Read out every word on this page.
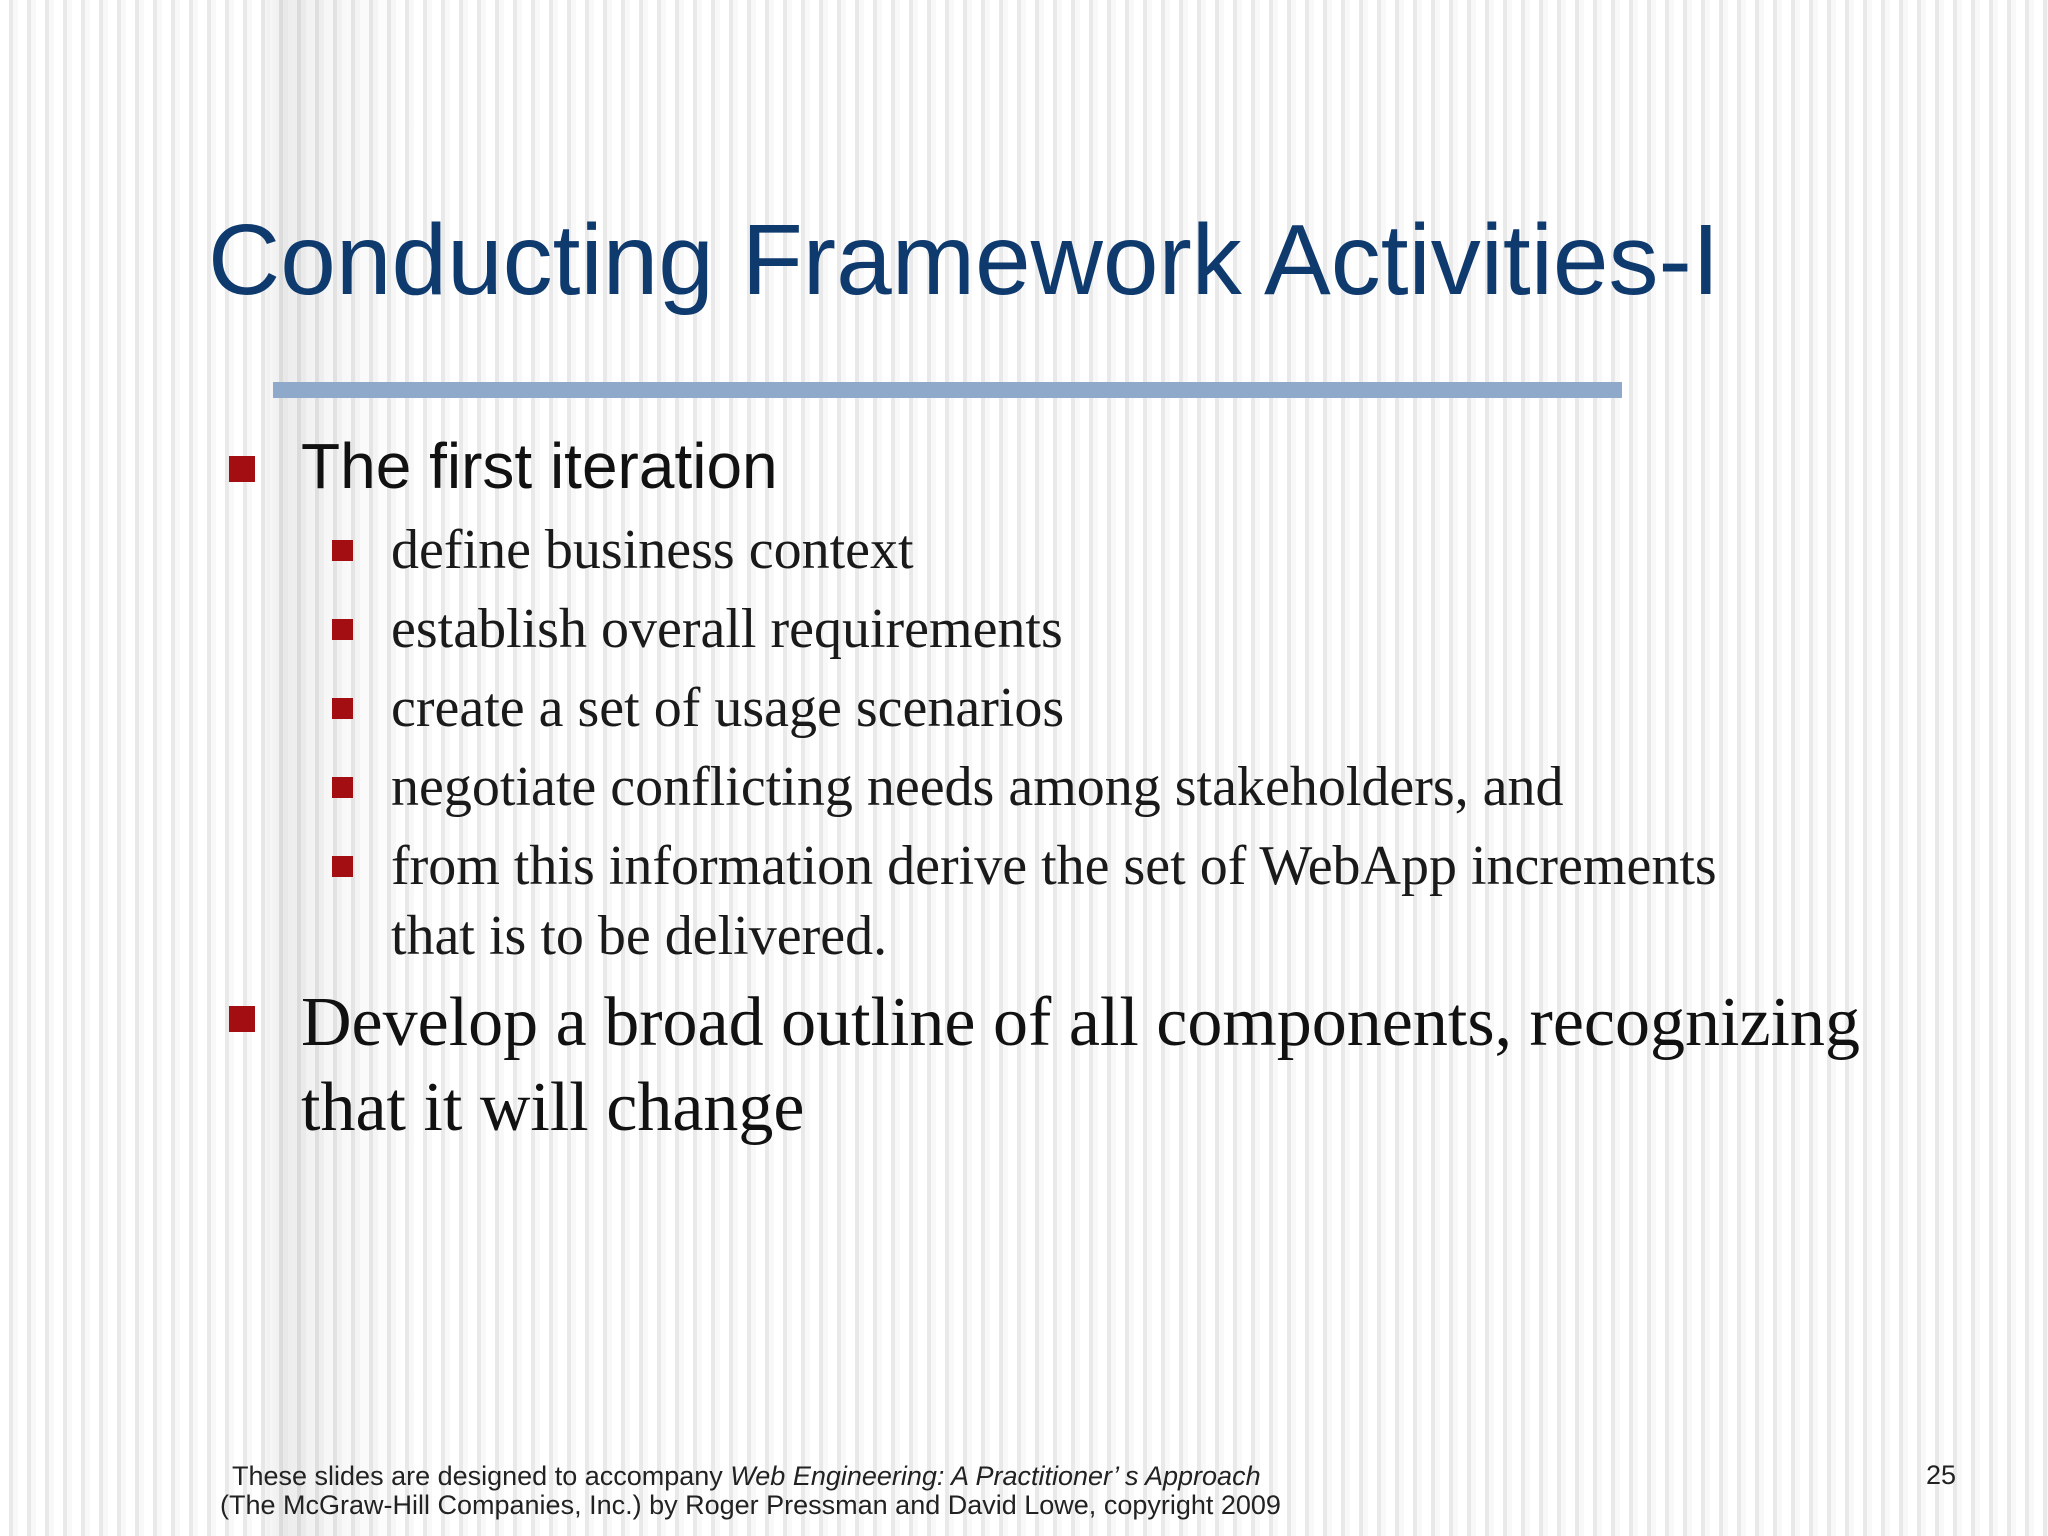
Conducting Framework Activities-I
The first iteration
define business context
establish overall requirements
create a set of usage scenarios
negotiate conflicting needs among stakeholders, and
from this information derive the set of WebApp increments
that is to be delivered.
Develop a broad outline of all components, recognizing
that it will change
These slides are designed to accompany Web Engineering: A Practitioner’ s Approach
(The McGraw-Hill Companies, Inc.) by Roger Pressman and David Lowe, copyright 2009
25
